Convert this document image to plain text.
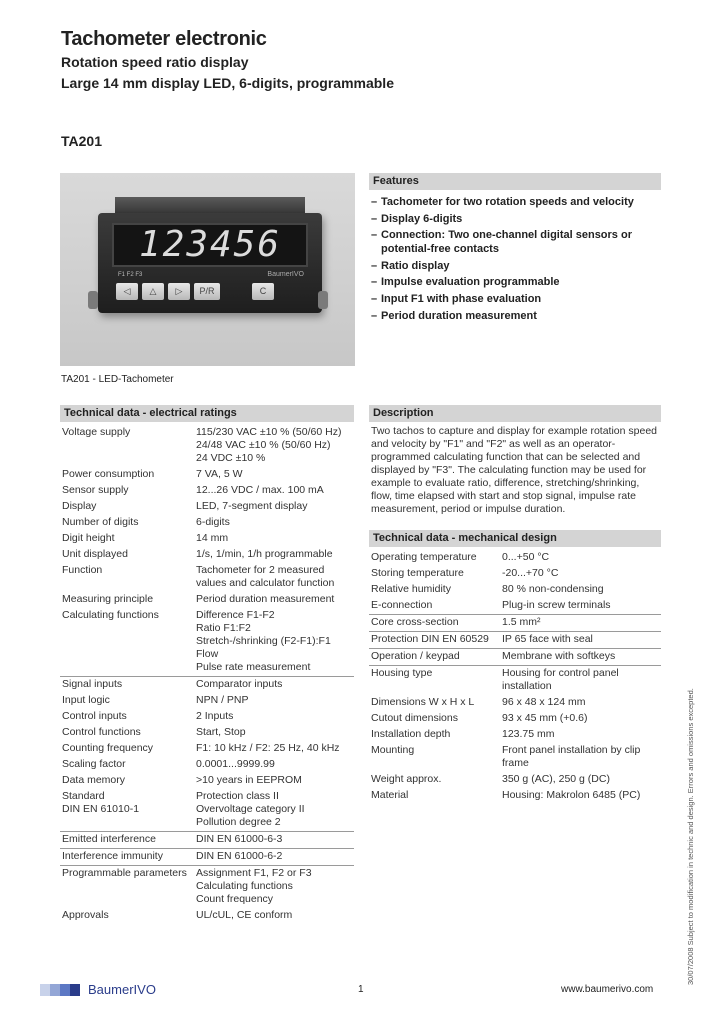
Tachometer electronic
Rotation speed ratio display
Large 14 mm display LED, 6-digits, programmable
TA201
123456
F1 F2 F3	BaumerIVO
◁	△	▷	P/R	C
TA201 - LED-Tachometer
Features
– Tachometer for two rotation speeds and velocity
– Display 6-digits
– Connection: Two one-channel digital sensors or potential-free contacts
– Ratio display
– Impulse evaluation programmable
– Input F1 with phase evaluation
– Period duration measurement
Technical data - electrical ratings
Voltage supply	115/230 VAC ±10 % (50/60 Hz)
24/48 VAC ±10 % (50/60 Hz)
24 VDC ±10 %
Power consumption	7 VA, 5 W
Sensor supply	12...26 VDC / max. 100 mA
Display	LED, 7-segment display
Number of digits	6-digits
Digit height	14 mm
Unit displayed	1/s, 1/min, 1/h programmable
Function	Tachometer for 2 measured values and calculator function
Measuring principle	Period duration measurement
Calculating functions	Difference F1-F2
Ratio F1:F2
Stretch-/shrinking (F2-F1):F1
Flow
Pulse rate measurement
Signal inputs	Comparator inputs
Input logic	NPN / PNP
Control inputs	2 Inputs
Control functions	Start, Stop
Counting frequency	F1: 10 kHz / F2: 25 Hz, 40 kHz
Scaling factor	0.0001...9999.99
Data memory	>10 years in EEPROM
Standard
DIN EN 61010-1	Protection class II
Overvoltage category II
Pollution degree 2
Emitted interference	DIN EN 61000-6-3
Interference immunity	DIN EN 61000-6-2
Programmable parameters	Assignment F1, F2 or F3
Calculating functions
Count frequency
Approvals	UL/cUL, CE conform
Description
Two tachos to capture and display for example rotation speed and velocity by "F1" and "F2" as well as an operator-programmed calculating function that can be selected and displayed by "F3". The calculating function may be used for example to evaluate ratio, difference, stretching/shrinking, flow, time elapsed with start and stop signal, impulse rate measurement, period or impulse duration.
Technical data - mechanical design
Operating temperature	0...+50 °C
Storing temperature	-20...+70 °C
Relative humidity	80 % non-condensing
E-connection	Plug-in screw terminals
Core cross-section	1.5 mm²
Protection DIN EN 60529	IP 65 face with seal
Operation / keypad	Membrane with softkeys
Housing type	Housing for control panel installation
Dimensions W x H x L	96 x 48 x 124 mm
Cutout dimensions	93 x 45 mm (+0.6)
Installation depth	123.75 mm
Mounting	Front panel installation by clip frame
Weight approx.	350 g (AC), 250 g (DC)
Material	Housing: Makrolon 6485 (PC)
BaumerIVO	1	www.baumerivo.com
30/07/2008 Subject to modification in technic and design. Errors and omissions excepted.
